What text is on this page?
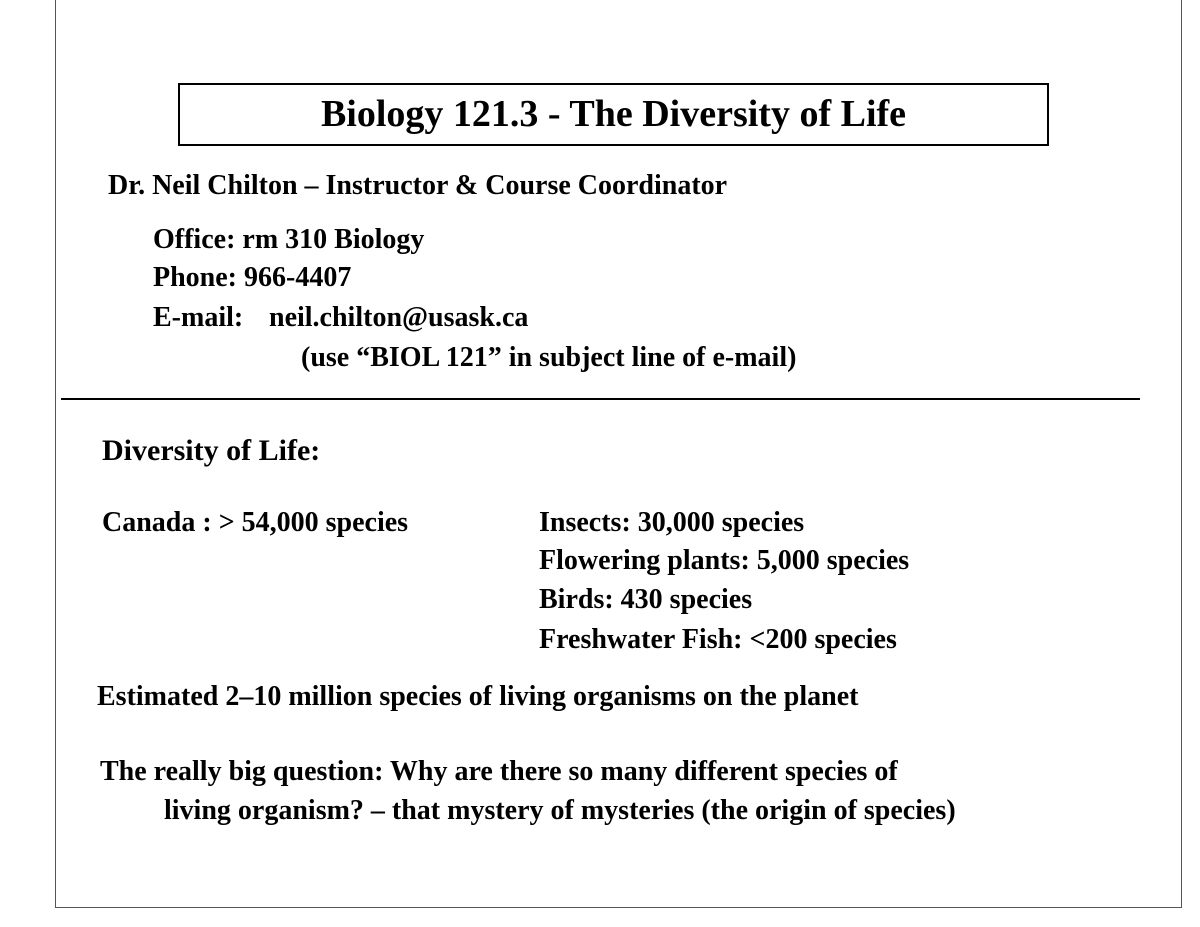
Biology 121.3 - The Diversity of Life
Dr. Neil Chilton – Instructor & Course Coordinator
Office: rm 310 Biology
Phone: 966-4407
E-mail: neil.chilton@usask.ca
(use “BIOL 121” in subject line of e-mail)
Diversity of Life:
Canada : > 54,000 species	Insects: 30,000 species
Flowering plants: 5,000 species
Birds: 430 species
Freshwater Fish: <200 species
Estimated 2–10 million species of living organisms on the planet
The really big question: Why are there so many different species of
living organism? – that mystery of mysteries (the origin of species)
